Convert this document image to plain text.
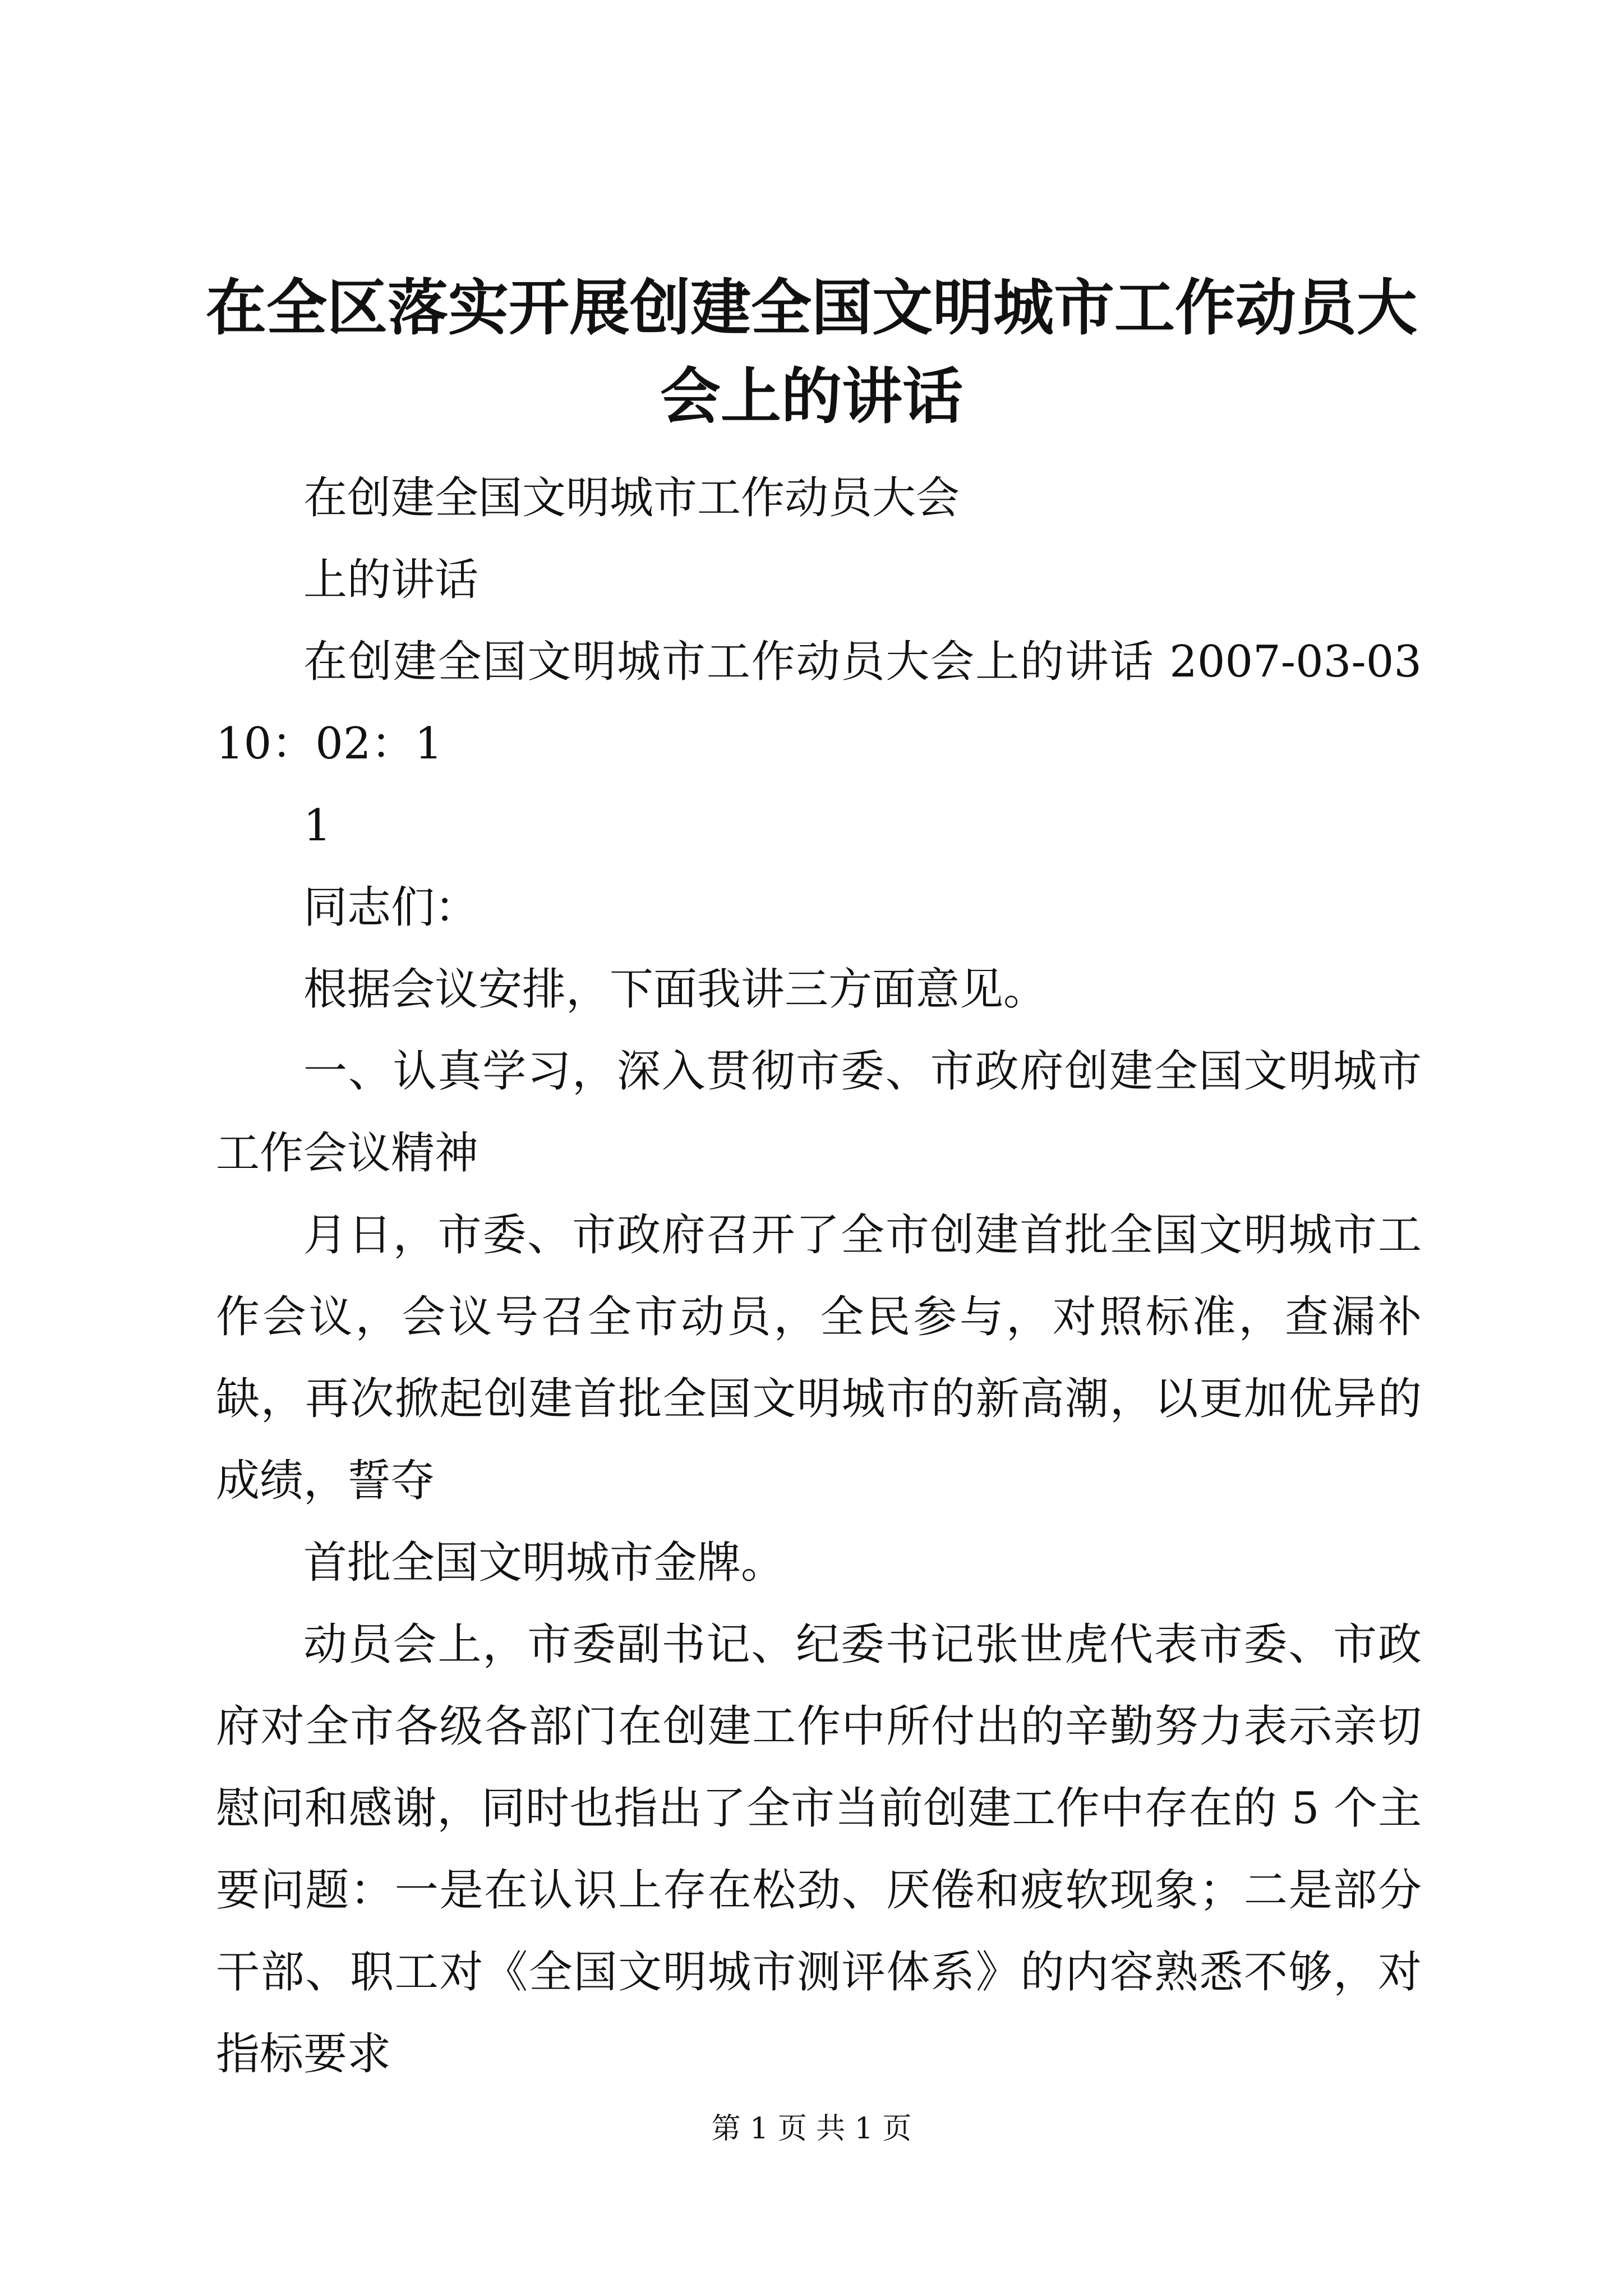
在全区落实开展创建全国文明城市工作动员大
会上的讲话

在创建全国文明城市工作动员大会

上的讲话

在创建全国文明城市工作动员大会上的讲话 2007-03-0310：02：1

1

同志们：

根据会议安排，下面我讲三方面意见。

一、认真学习，深入贯彻市委、市政府创建全国文明城市工作会议精神

月日，市委、市政府召开了全市创建首批全国文明城市工作会议，会议号召全市动员，全民参与，对照标准，查漏补缺，再次掀起创建首批全国文明城市的新高潮，以更加优异的成绩，誓夺

首批全国文明城市金牌。

动员会上，市委副书记、纪委书记张世虎代表市委、市政府对全市各级各部门在创建工作中所付出的辛勤努力表示亲切慰问和感谢，同时也指出了全市当前创建工作中存在的 5 个主要问题：一是在认识上存在松劲、厌倦和疲软现象；二是部分干部、职工对《全国文明城市测评体系》的内容熟悉不够，对指标要求

第 1 页 共 1 页
